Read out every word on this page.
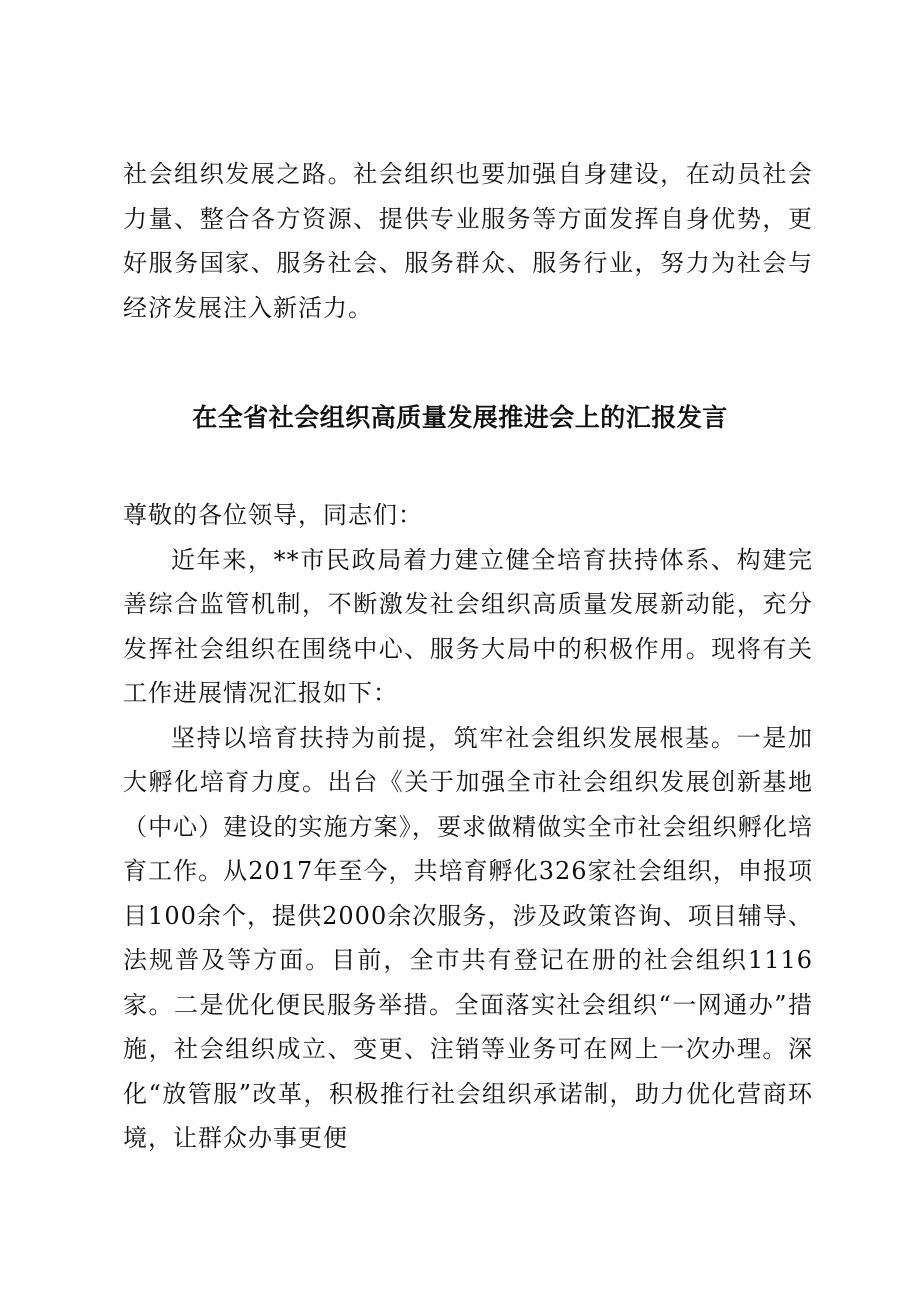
社会组织发展之路。社会组织也要加强自身建设，在动员社会力量、整合各方资源、提供专业服务等方面发挥自身优势，更好服务国家、服务社会、服务群众、服务行业，努力为社会与经济发展注入新活力。

在全省社会组织高质量发展推进会上的汇报发言

尊敬的各位领导，同志们：

近年来，**市民政局着力建立健全培育扶持体系、构建完善综合监管机制，不断激发社会组织高质量发展新动能，充分发挥社会组织在围绕中心、服务大局中的积极作用。现将有关工作进展情况汇报如下：

坚持以培育扶持为前提，筑牢社会组织发展根基。一是加大孵化培育力度。出台《关于加强全市社会组织发展创新基地（中心）建设的实施方案》，要求做精做实全市社会组织孵化培育工作。从2017年至今，共培育孵化326家社会组织，申报项目100余个，提供2000余次服务，涉及政策咨询、项目辅导、法规普及等方面。目前，全市共有登记在册的社会组织1116家。二是优化便民服务举措。全面落实社会组织“一网通办”措施，社会组织成立、变更、注销等业务可在网上一次办理。深化“放管服”改革，积极推行社会组织承诺制，助力优化营商环境，让群众办事更便
